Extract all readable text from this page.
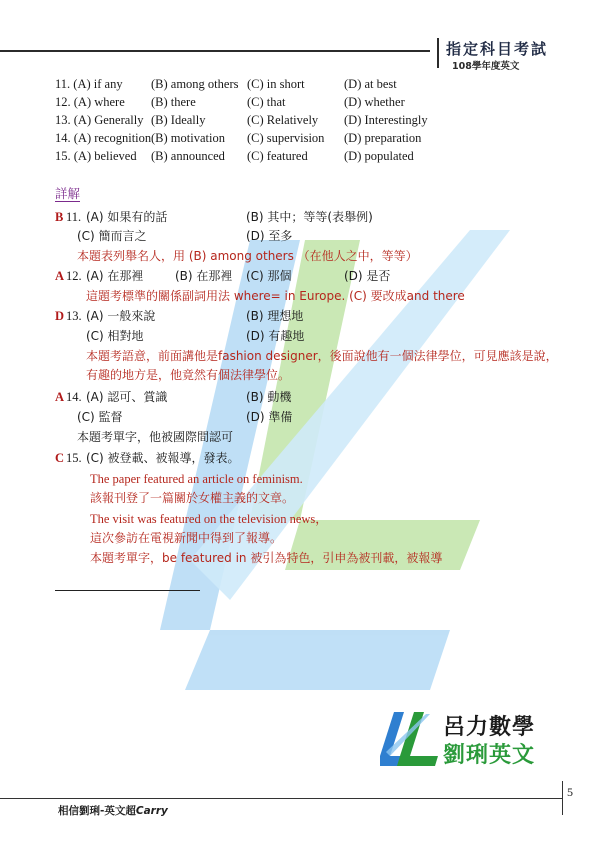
指定科目考試
108學年度英文
11. (A) if any (B) among others (C) in short	(D) at best
12. (A) where (B) there	(C) that	(D) whether
13. (A) Generally (B) Ideally	(C) Relatively (D) Interestingly
14. (A) recognition (B) motivation (C) supervision (D) preparation
15. (A) believed (B) announced (C) featured	(D) populated
詳解
B 11. (A) 如果有的話	(B) 其中；等等(表舉例)
(C) 簡而言之	(D) 至多
本題表列舉名人，用 (B) among others （在他人之中，等等）
A 12. (A) 在那裡	(B) 在那裡 (C) 那個	(D) 是否
這題考標準的關係副詞用法 where= in Europe. (C) 要改成and there
D 13. (A) 一般來說	(B) 理想地
(C) 相對地	(D) 有趣地
本題考語意，前面講他是fashion designer，後面說他有一個法律學位，可見應該是說，
有趣的地方是，他竟然有個法律學位。
A 14. (A) 認可、賞識	(B) 動機
(C) 監督	(D) 準備
本題考單字，他被國際間認可
C 15. (C) 被登載、被報導，發表。
The paper featured an article on feminism.
該報刊登了一篇關於女權主義的文章。
The visit was featured on the television news，
這次參訪在電視新聞中得到了報導。
本題考單字，be featured in 被引為特色，引申為被刊載，被報導
呂力數學
劉琍英文
5
相信劉琍-英文超Carry
